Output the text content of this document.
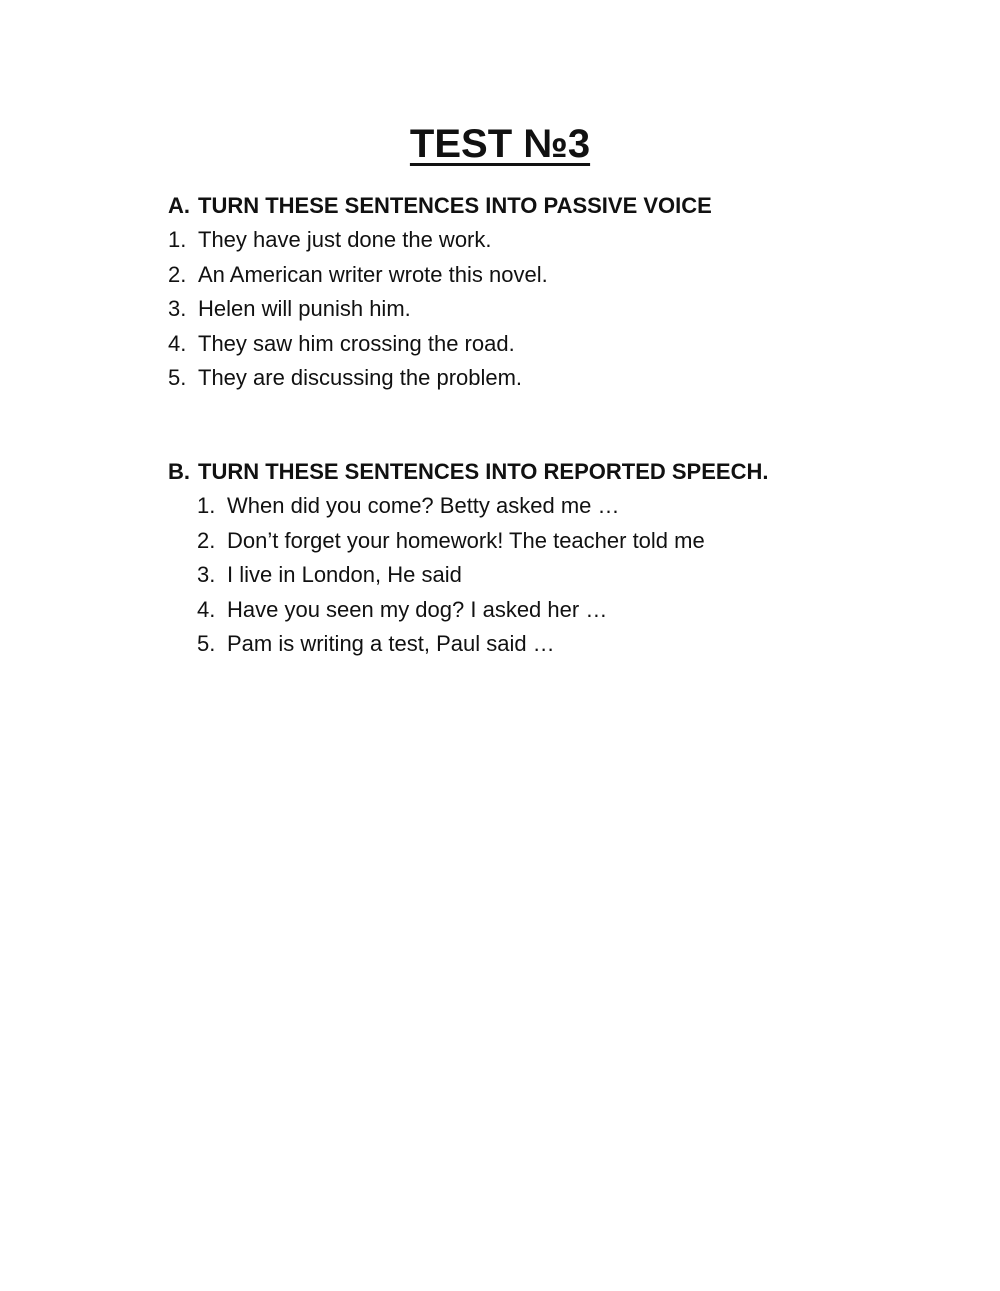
TEST №3
A. TURN THESE SENTENCES INTO PASSIVE VOICE
1. They have just done the work.
2. An American writer wrote this novel.
3. Helen will punish him.
4. They saw him crossing the road.
5. They are discussing the problem.
B. TURN THESE SENTENCES INTO REPORTED SPEECH.
1. When did you come? Betty asked me …
2. Don’t forget your homework! The teacher told me
3. I live in London, He said
4. Have you seen my dog? I asked her …
5. Pam is writing a test, Paul said …
